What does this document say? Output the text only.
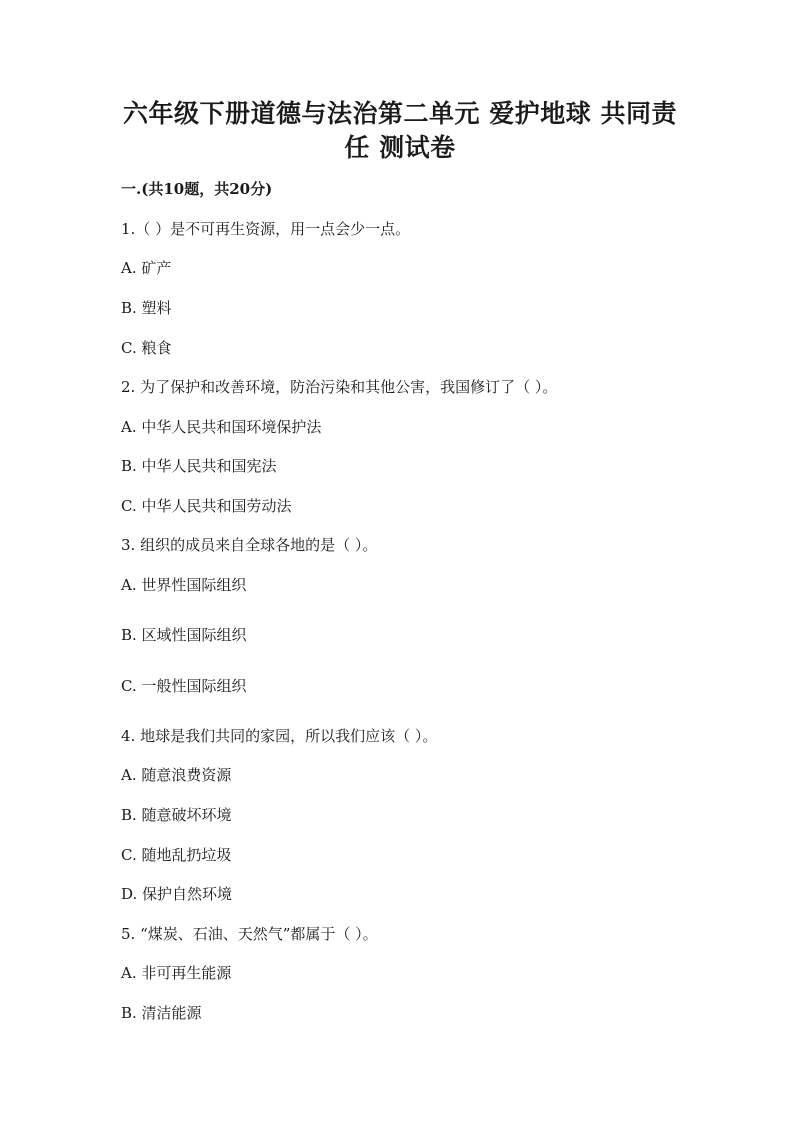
六年级下册道德与法治第二单元 爱护地球 共同责
任 测试卷
一.(共10题，共20分)
1.（ ）是不可再生资源，用一点会少一点。
A. 矿产
B. 塑料
C. 粮食
2. 为了保护和改善环境，防治污染和其他公害，我国修订了（ ）。
A. 中华人民共和国环境保护法
B. 中华人民共和国宪法
C. 中华人民共和国劳动法
3. 组织的成员来自全球各地的是（ ）。
A. 世界性国际组织
B. 区域性国际组织
C. 一般性国际组织
4. 地球是我们共同的家园，所以我们应该（ ）。
A. 随意浪费资源
B. 随意破坏环境
C. 随地乱扔垃圾
D. 保护自然环境
5. “煤炭、石油、天然气”都属于（ ）。
A. 非可再生能源
B. 清洁能源
